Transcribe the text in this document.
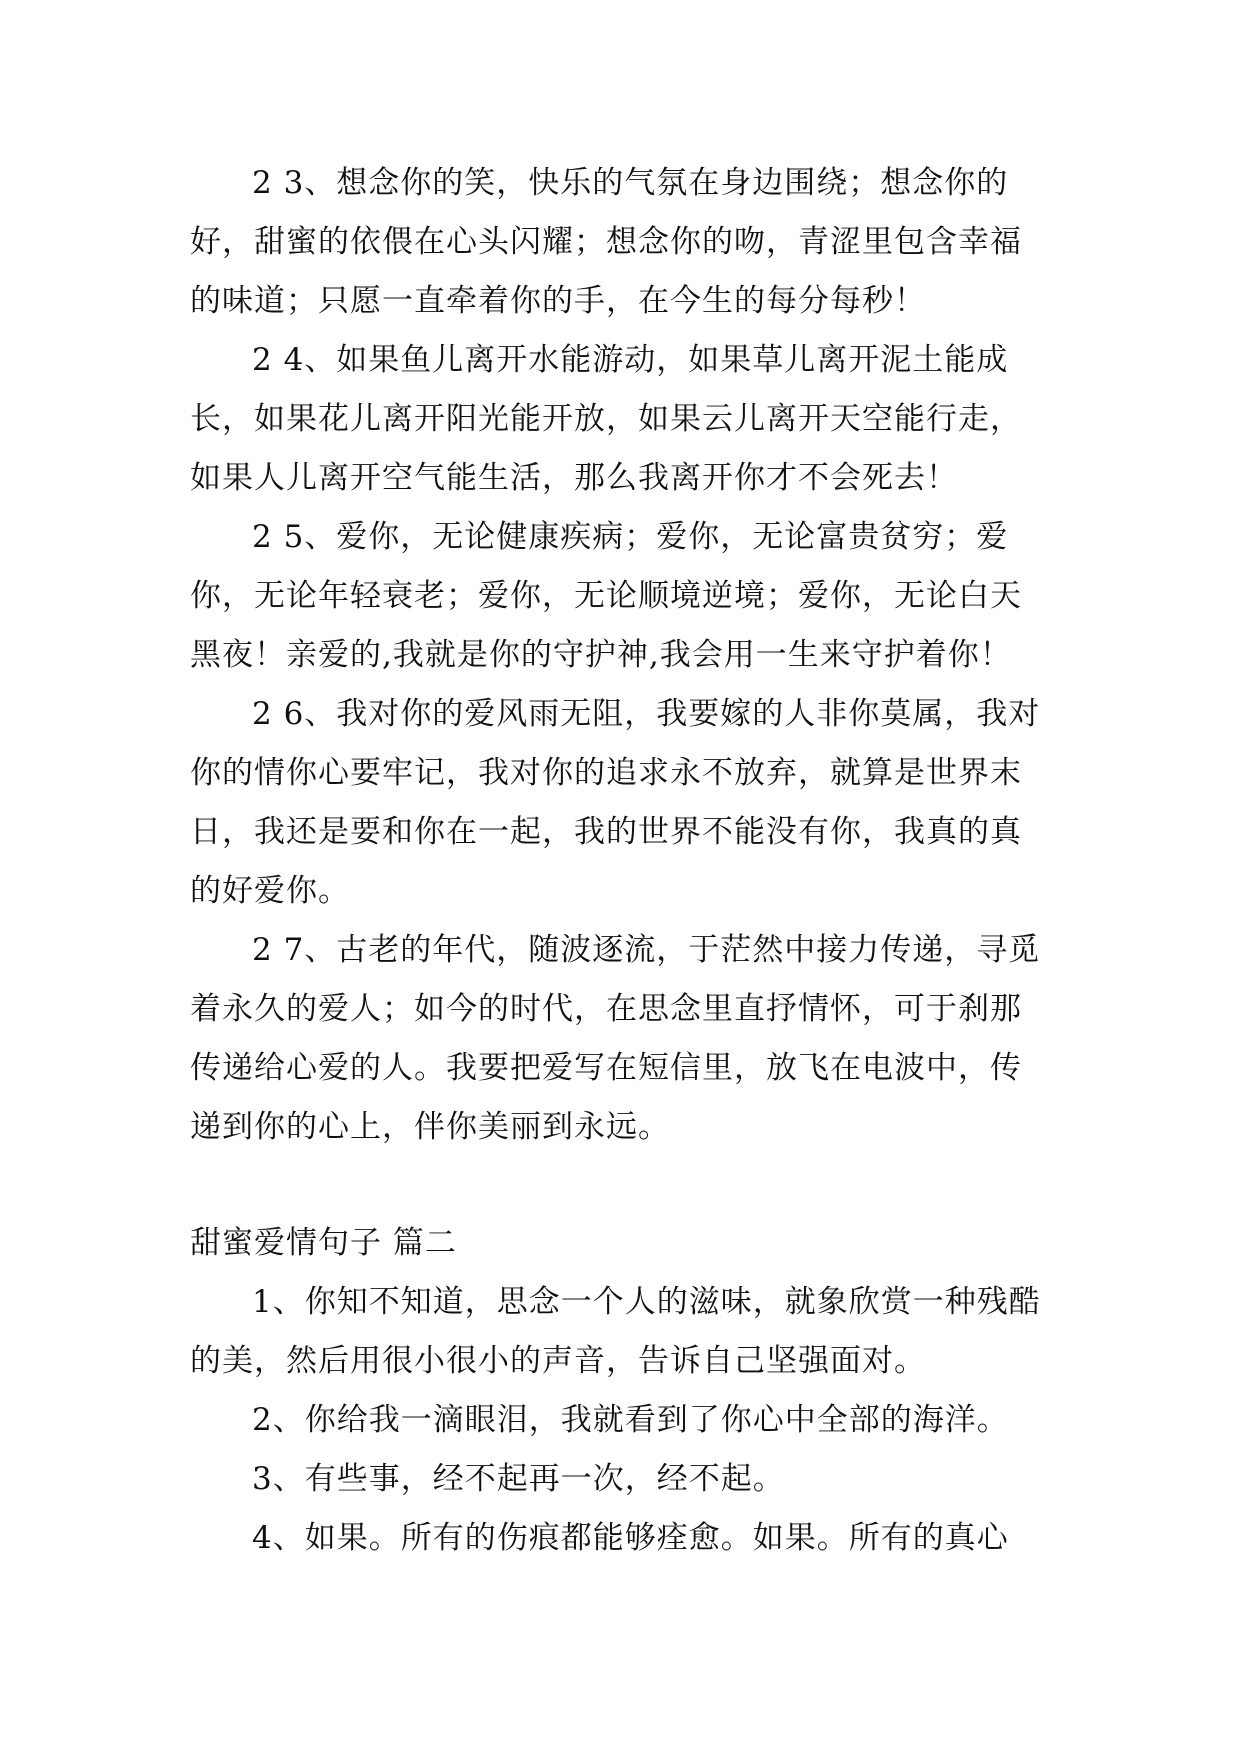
2 3、想念你的笑，快乐的气氛在身边围绕；想念你的好，甜蜜的依偎在心头闪耀；想念你的吻，青涩里包含幸福的味道；只愿一直牵着你的手，在今生的每分每秒！

2 4、如果鱼儿离开水能游动，如果草儿离开泥土能成长，如果花儿离开阳光能开放，如果云儿离开天空能行走，如果人儿离开空气能生活，那么我离开你才不会死去！

2 5、爱你，无论健康疾病；爱你，无论富贵贫穷；爱你，无论年轻衰老；爱你，无论顺境逆境；爱你，无论白天黑夜！亲爱的,我就是你的守护神,我会用一生来守护着你！

2 6、我对你的爱风雨无阻，我要嫁的人非你莫属，我对你的情你心要牢记，我对你的追求永不放弃，就算是世界末日，我还是要和你在一起，我的世界不能没有你，我真的真的好爱你。

2 7、古老的年代，随波逐流，于茫然中接力传递，寻觅着永久的爱人；如今的时代，在思念里直抒情怀，可于刹那传递给心爱的人。我要把爱写在短信里，放飞在电波中，传递到你的心上，伴你美丽到永远。

甜蜜爱情句子 篇二

1、你知不知道，思念一个人的滋味，就象欣赏一种残酷的美，然后用很小很小的声音，告诉自己坚强面对。

2、你给我一滴眼泪，我就看到了你心中全部的海洋。

3、有些事，经不起再一次，经不起。

4、如果。所有的伤痕都能够痊愈。如果。所有的真心
